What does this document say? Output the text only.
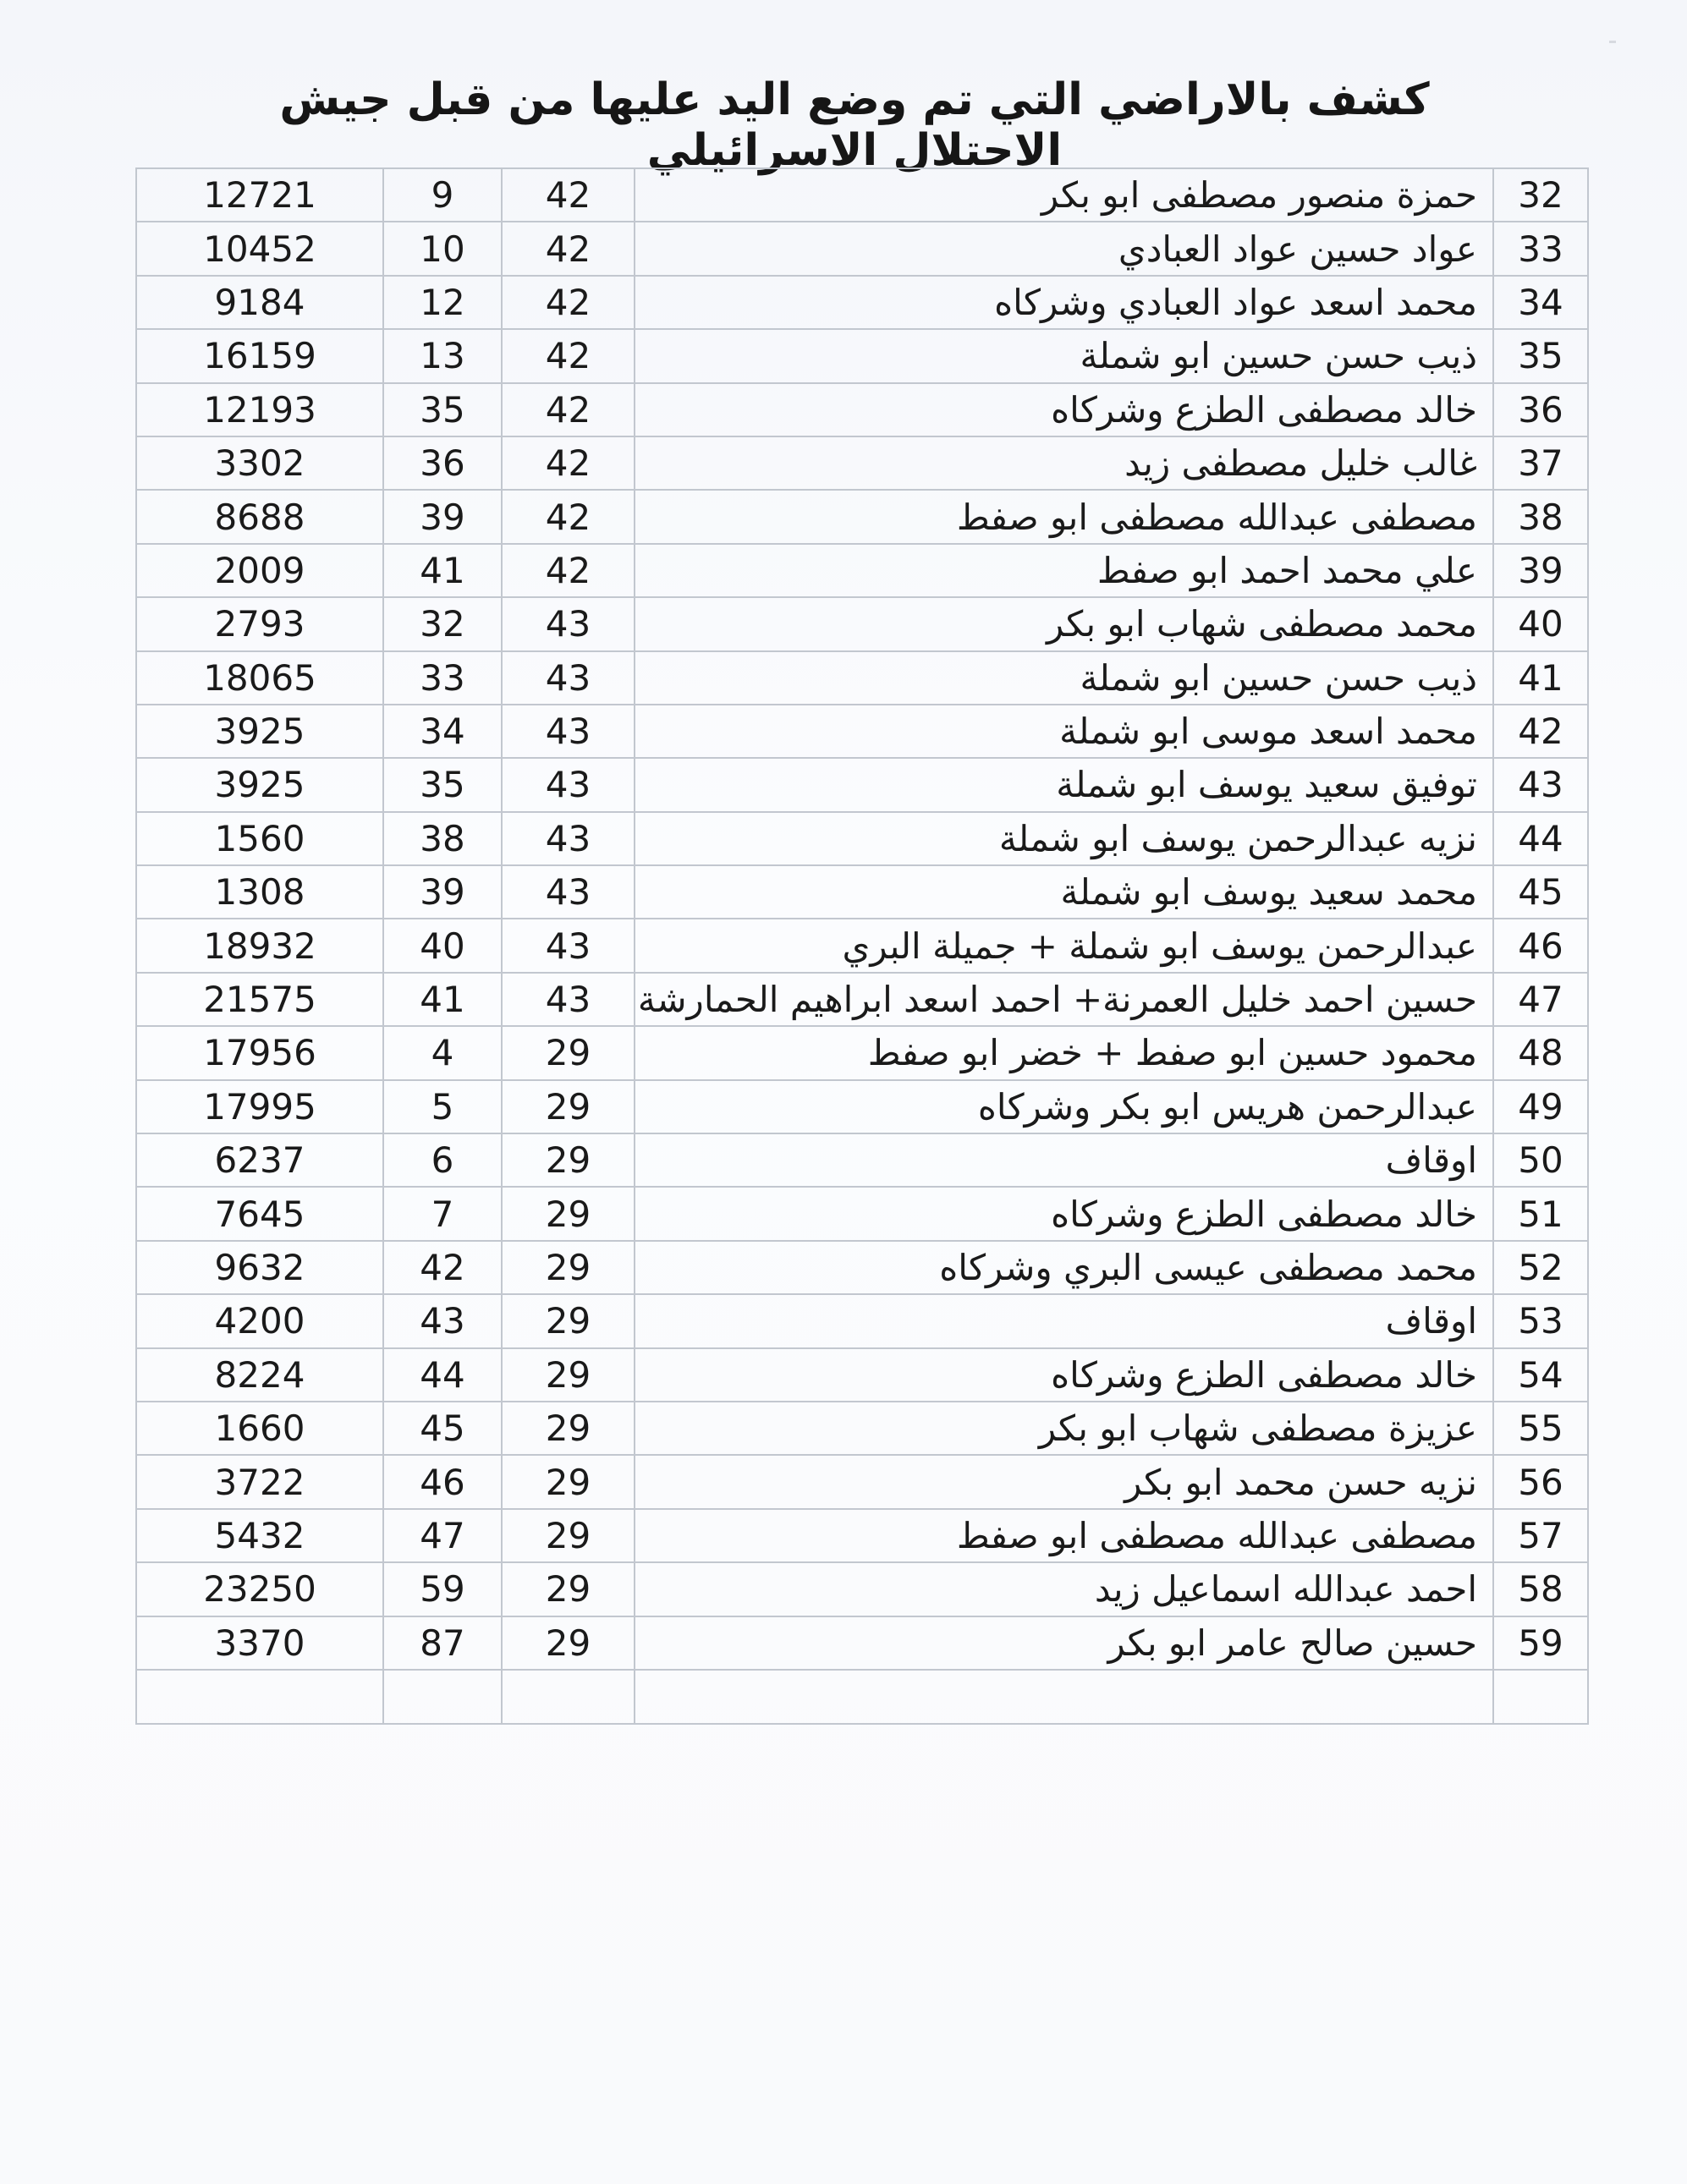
كشف بالاراضي التي تم وضع اليد عليها من قبل جيش الاحتلال الاسرائيلي
12721	9	42	حمزة منصور مصطفى ابو بكر	32
10452	10	42	عواد حسين عواد العبادي	33
9184	12	42	محمد اسعد عواد العبادي وشركاه	34
16159	13	42	ذيب حسن حسين ابو شملة	35
12193	35	42	خالد مصطفى الطزع وشركاه	36
3302	36	42	غالب خليل مصطفى زيد	37
8688	39	42	مصطفى عبدالله مصطفى ابو صفط	38
2009	41	42	علي محمد احمد ابو صفط	39
2793	32	43	محمد مصطفى شهاب ابو بكر	40
18065	33	43	ذيب حسن حسين ابو شملة	41
3925	34	43	محمد اسعد موسى ابو شملة	42
3925	35	43	توفيق سعيد يوسف ابو شملة	43
1560	38	43	نزيه عبدالرحمن يوسف ابو شملة	44
1308	39	43	محمد سعيد يوسف ابو شملة	45
18932	40	43	عبدالرحمن يوسف ابو شملة + جميلة البري	46
21575	41	43	حسين احمد خليل العمرنة+ احمد اسعد ابراهيم الحمارشة	47
17956	4	29	محمود حسين ابو صفط + خضر ابو صفط	48
17995	5	29	عبدالرحمن هريس ابو بكر وشركاه	49
6237	6	29	اوقاف	50
7645	7	29	خالد مصطفى الطزع وشركاه	51
9632	42	29	محمد مصطفى عيسى البري وشركاه	52
4200	43	29	اوقاف	53
8224	44	29	خالد مصطفى الطزع وشركاه	54
1660	45	29	عزيزة مصطفى شهاب ابو بكر	55
3722	46	29	نزيه حسن محمد ابو بكر	56
5432	47	29	مصطفى عبدالله مصطفى ابو صفط	57
23250	59	29	احمد عبدالله اسماعيل زيد	58
3370	87	29	حسين صالح عامر ابو بكر	59
